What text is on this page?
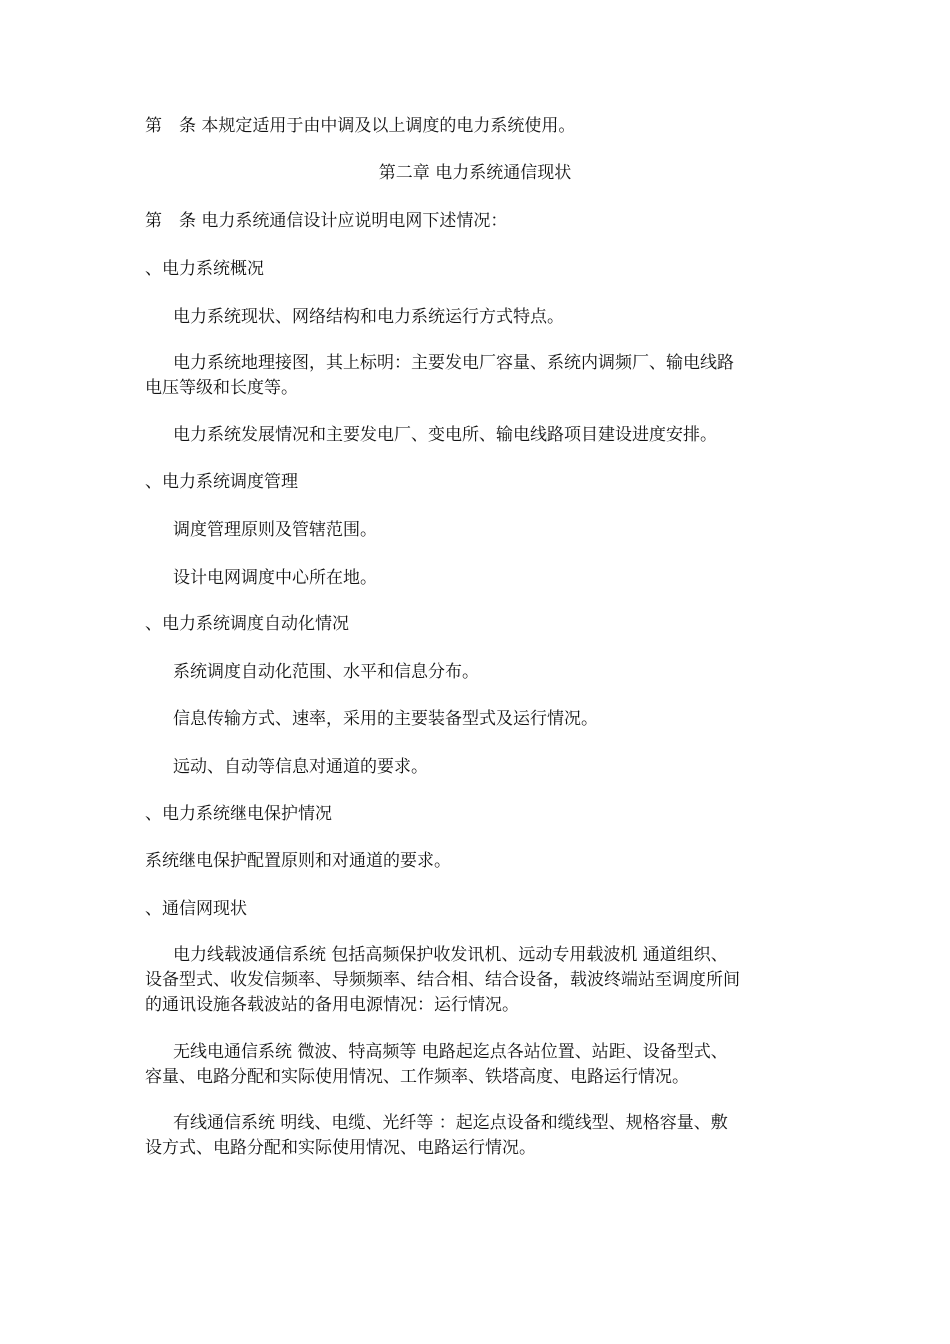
第　条 本规定适用于由中调及以上调度的电力系统使用。
第二章 电力系统通信现状
第　条 电力系统通信设计应说明电网下述情况：
、电力系统概况
电力系统现状、网络结构和电力系统运行方式特点。
电力系统地理接图，其上标明：主要发电厂容量、系统内调频厂、输电线路
电压等级和长度等。
电力系统发展情况和主要发电厂、变电所、输电线路项目建设进度安排。
、电力系统调度管理
调度管理原则及管辖范围。
设计电网调度中心所在地。
、电力系统调度自动化情况
系统调度自动化范围、水平和信息分布。
信息传输方式、速率，采用的主要装备型式及运行情况。
远动、自动等信息对通道的要求。
、电力系统继电保护情况
系统继电保护配置原则和对通道的要求。
、通信网现状
电力线载波通信系统 包括高频保护收发讯机、远动专用载波机 通道组织、
设备型式、收发信频率、导频频率、结合相、结合设备，载波终端站至调度所间
的通讯设施各载波站的备用电源情况：运行情况。
无线电通信系统 微波、特高频等 电路起迄点各站位置、站距、设备型式、
容量、电路分配和实际使用情况、工作频率、铁塔高度、电路运行情况。
有线通信系统 明线、电缆、光纤等 ：起迄点设备和缆线型、规格容量、敷
设方式、电路分配和实际使用情况、电路运行情况。
